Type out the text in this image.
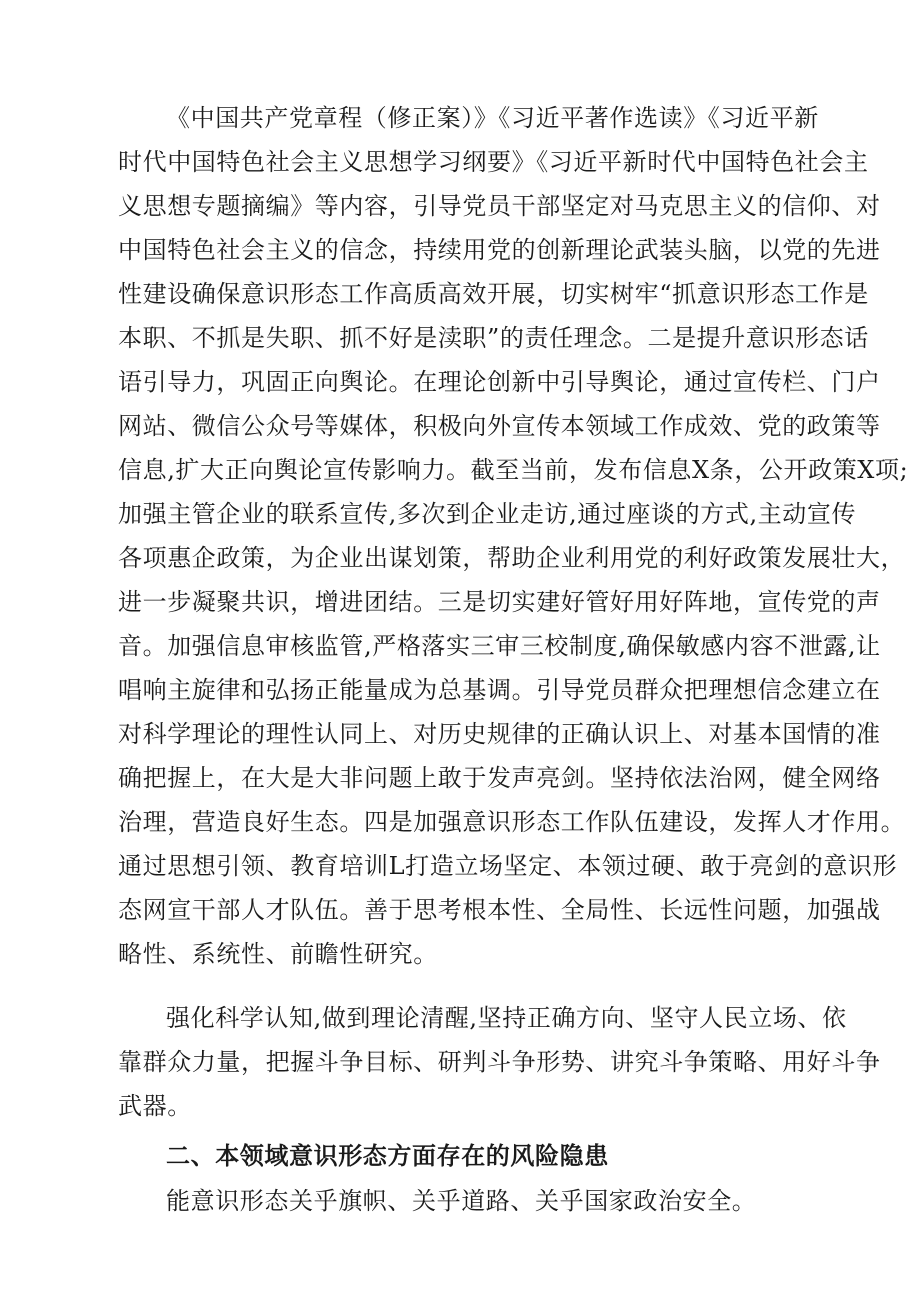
《中国共产党章程（修正案）》《习近平著作选读》《习近平新
时代中国特色社会主义思想学习纲要》《习近平新时代中国特色社会主
义思想专题摘编》等内容，引导党员干部坚定对马克思主义的信仰、对
中国特色社会主义的信念，持续用党的创新理论武装头脑，以党的先进
性建设确保意识形态工作高质高效开展，切实树牢“抓意识形态工作是
本职、不抓是失职、抓不好是渎职”的责任理念。二是提升意识形态话
语引导力，巩固正向舆论。在理论创新中引导舆论，通过宣传栏、门户
网站、微信公众号等媒体，积极向外宣传本领域工作成效、党的政策等
信息,扩大正向舆论宣传影响力。截至当前，发布信息X条，公开政策X项;
加强主管企业的联系宣传,多次到企业走访,通过座谈的方式,主动宣传
各项惠企政策，为企业出谋划策，帮助企业利用党的利好政策发展壮大，
进一步凝聚共识，增进团结。三是切实建好管好用好阵地，宣传党的声
音。加强信息审核监管,严格落实三审三校制度,确保敏感内容不泄露,让
唱响主旋律和弘扬正能量成为总基调。引导党员群众把理想信念建立在
对科学理论的理性认同上、对历史规律的正确认识上、对基本国情的准
确把握上，在大是大非问题上敢于发声亮剑。坚持依法治网，健全网络
治理，营造良好生态。四是加强意识形态工作队伍建设，发挥人才作用。
通过思想引领、教育培训L打造立场坚定、本领过硬、敢于亮剑的意识形
态网宣干部人才队伍。善于思考根本性、全局性、长远性问题，加强战
略性、系统性、前瞻性研究。
强化科学认知,做到理论清醒,坚持正确方向、坚守人民立场、依
靠群众力量，把握斗争目标、研判斗争形势、讲究斗争策略、用好斗争
武器。
二、本领域意识形态方面存在的风险隐患
能意识形态关乎旗帜、关乎道路、关乎国家政治安全。
